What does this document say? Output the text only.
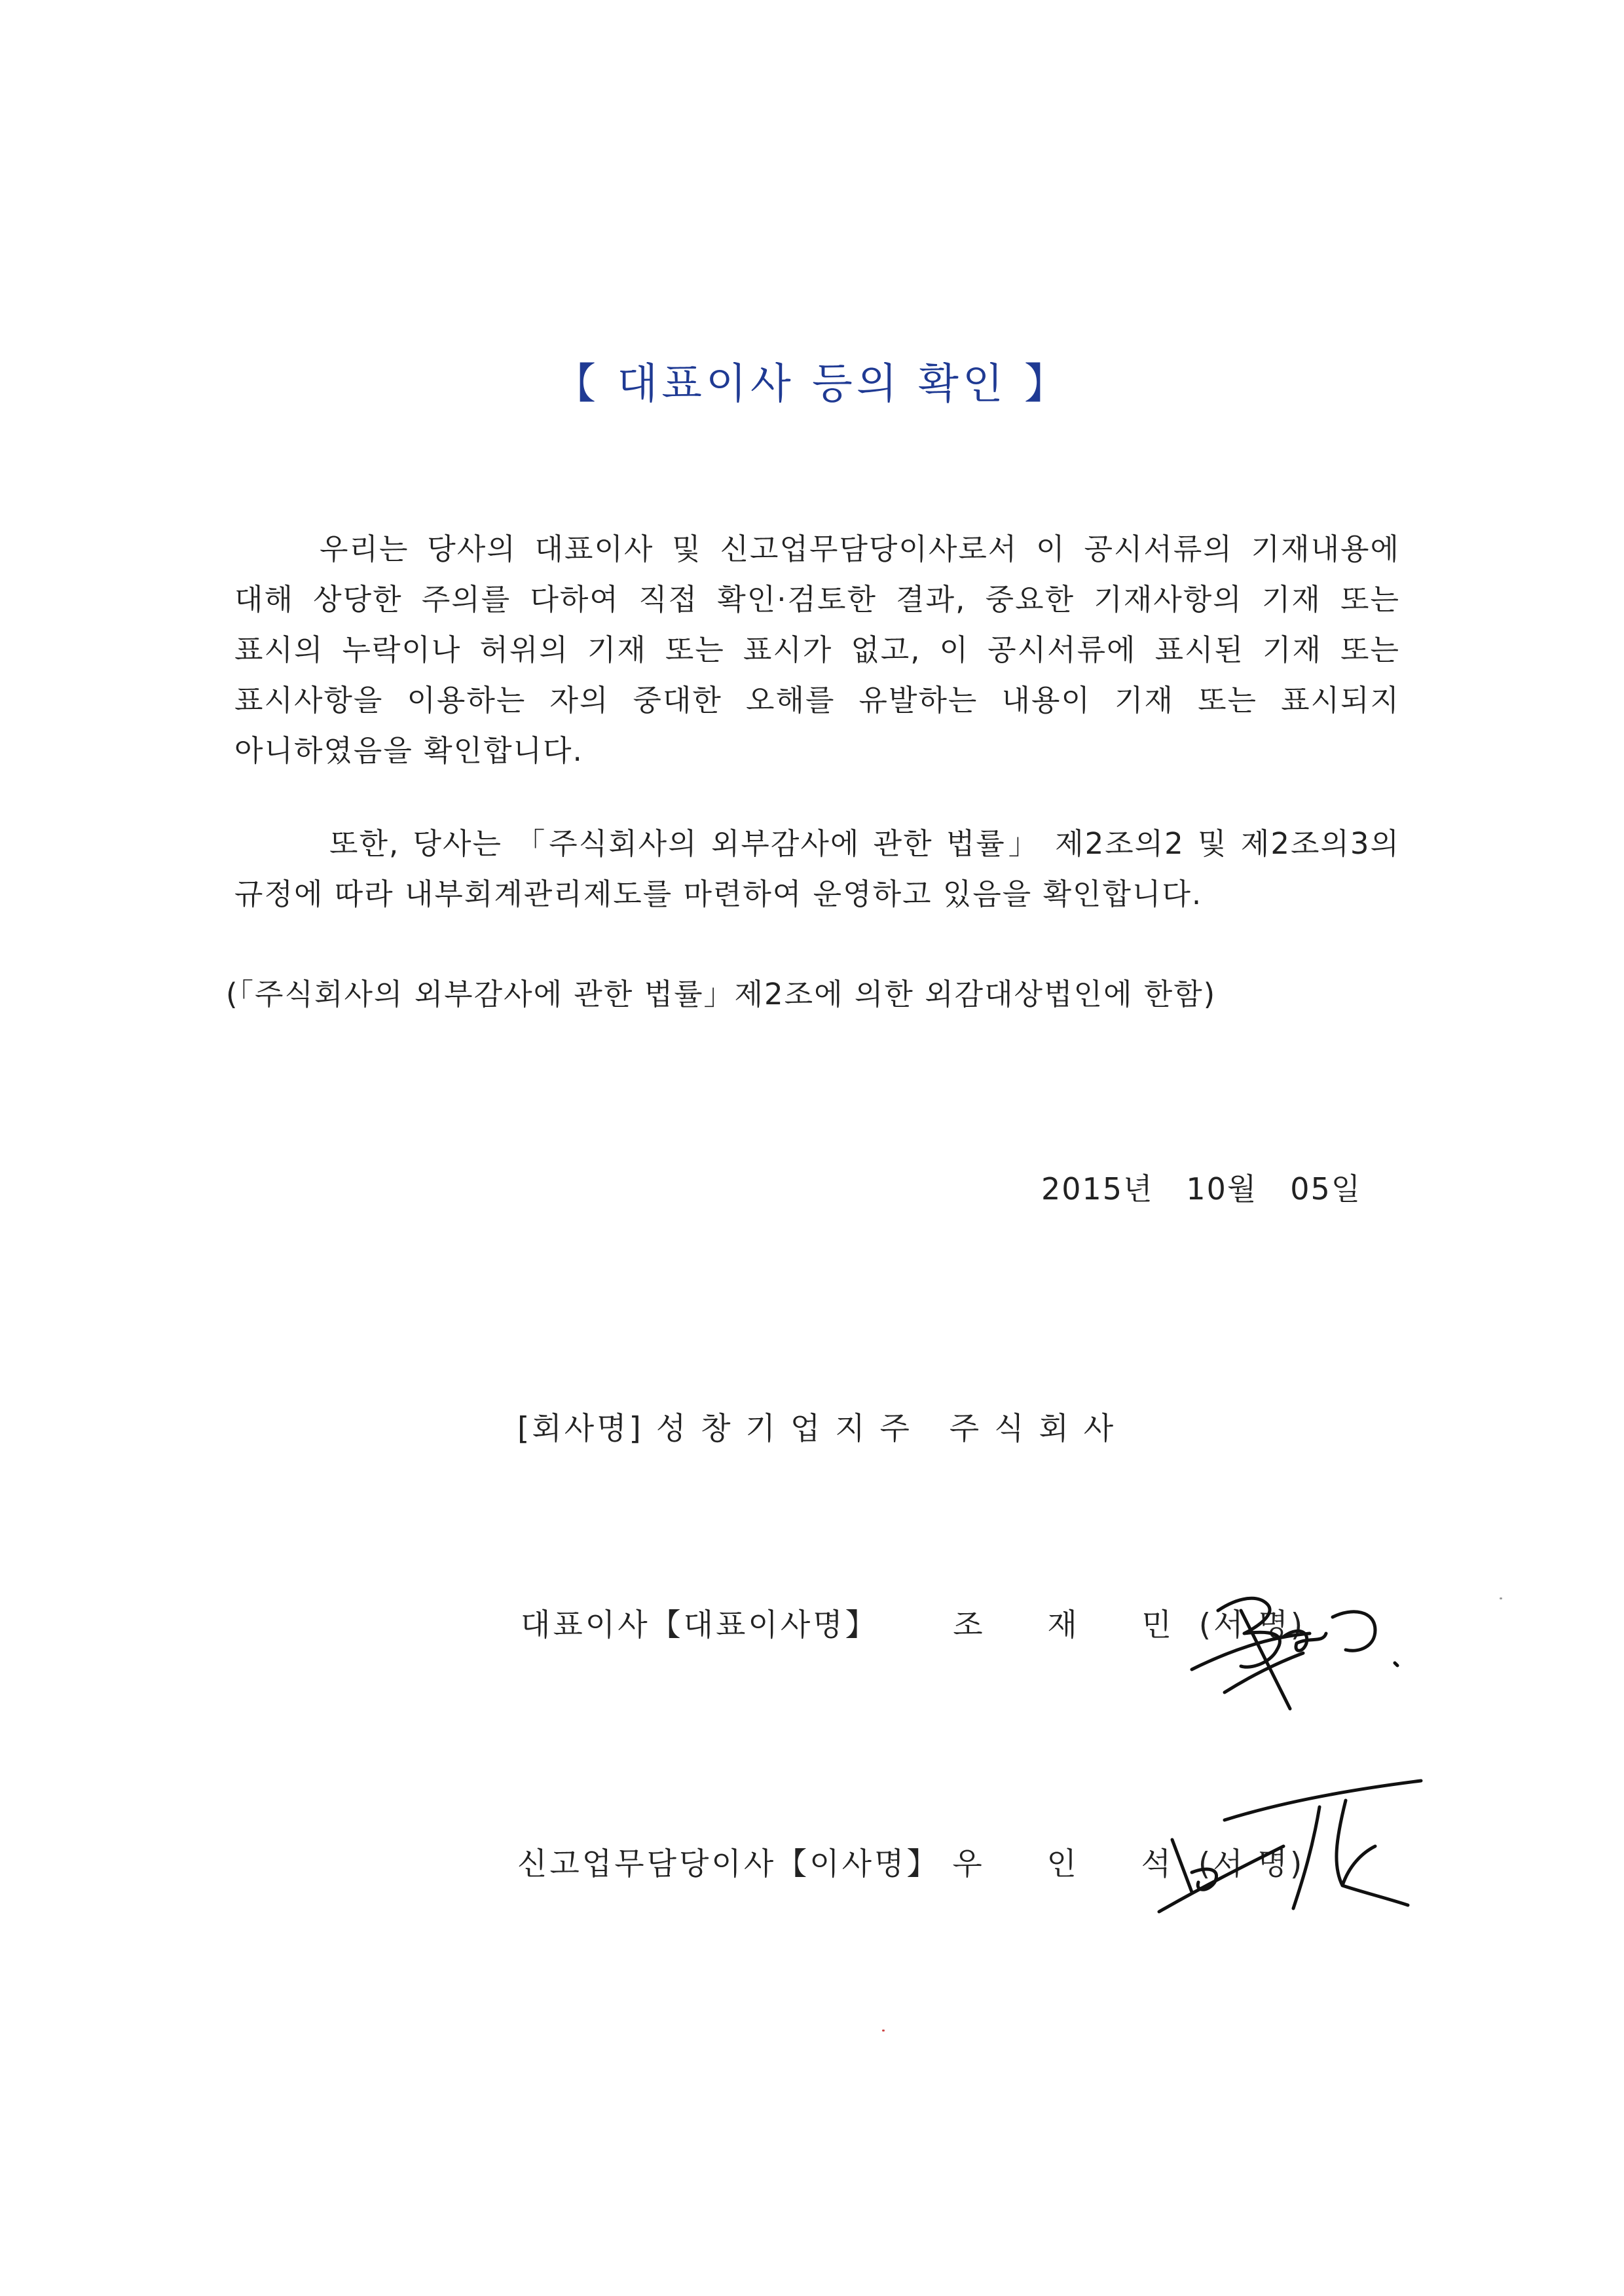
【 대표이사 등의 확인 】
우리는 당사의 대표이사 및 신고업무담당이사로서 이 공시서류의 기재내용에 대해 상당한 주의를 다하여 직접 확인·검토한 결과, 중요한 기재사항의 기재 또는 표시의 누락이나 허위의 기재 또는 표시가 없고, 이 공시서류에 표시된 기재 또는 표시사항을 이용하는 자의 중대한 오해를 유발하는 내용이 기재 또는 표시되지 아니하였음을 확인합니다.
또한, 당사는 「주식회사의 외부감사에 관한 법률」 제2조의2 및 제2조의3의 규정에 따라 내부회계관리제도를 마련하여 운영하고 있음을 확인합니다.
(「주식회사의 외부감사에 관한 법률」제2조에 의한 외감대상법인에 한함)
2015년   10월   05일
[회사명] 성 창 기 업 지 주   주 식 회 사
대표이사【대표이사명】 조     재     민 (서 명)
신고업무담당이사【이사명】 우     인     석 (서 명)
